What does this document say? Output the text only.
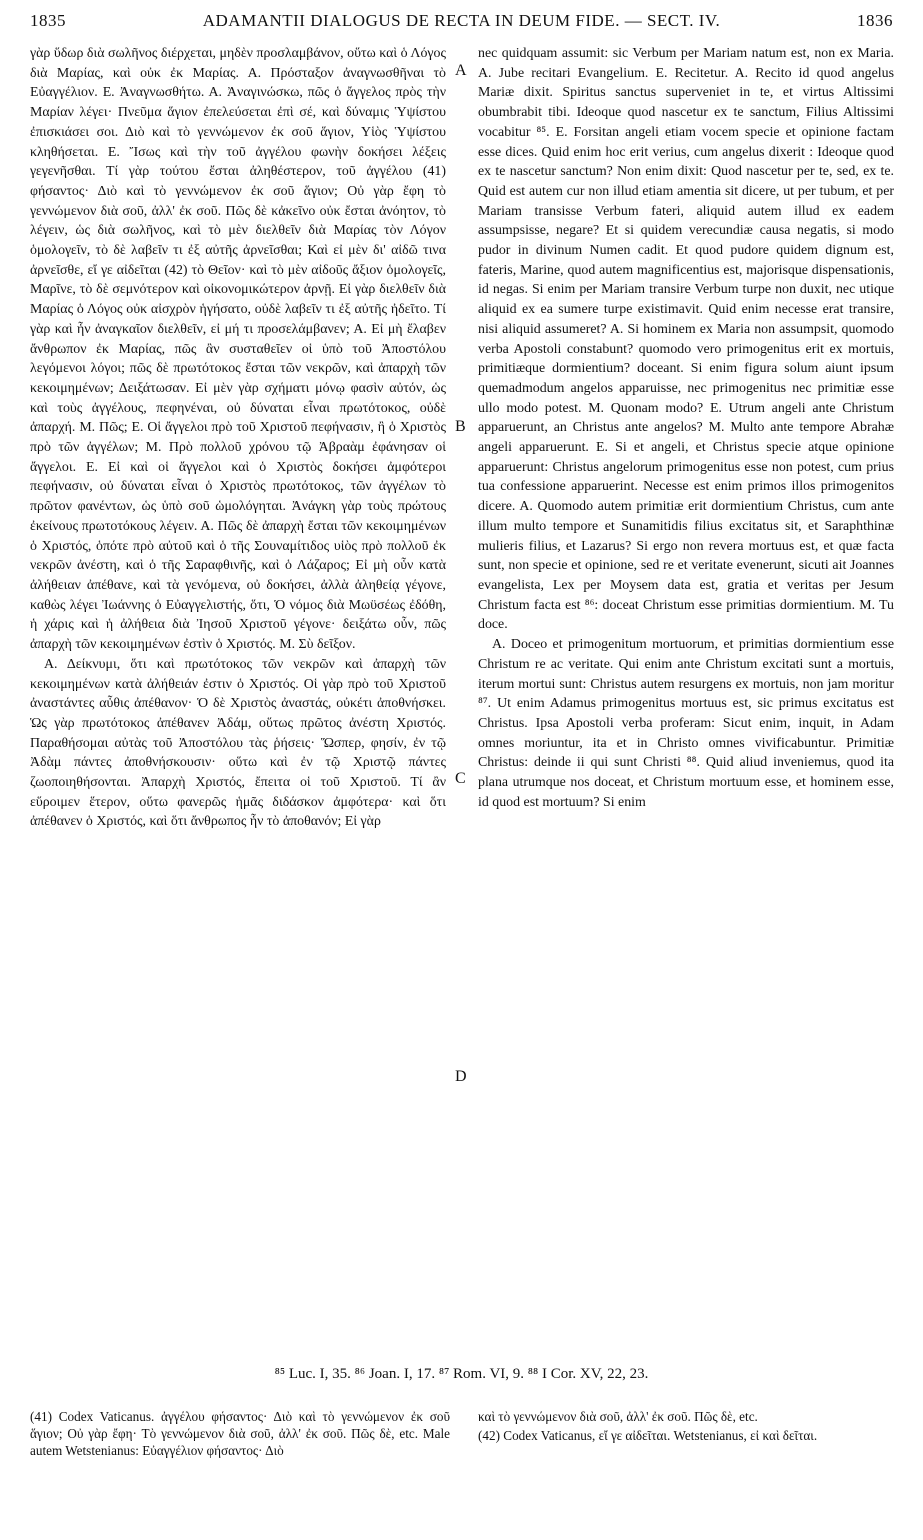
1835	ADAMANTII DIALOGUS DE RECTA IN DEUM FIDE. — SECT. IV.	1836

γὰρ ὕδωρ διὰ σωλῆνος διέρχεται, μηδὲν προσλαμβάνον, οὕτω καὶ ὁ Λόγος διὰ Μαρίας, καὶ οὐκ ἐκ Μαρίας. Α. Πρόσταξον ἀναγνωσθῆναι τὸ Εὐαγγέλιον. Ε. Ἀναγνωσθήτω. Α. Ἀναγινώσκω, πῶς ὁ ἄγγελος πρὸς τὴν Μαρίαν λέγει· Πνεῦμα ἅγιον ἐπελεύσεται ἐπὶ σέ, καὶ δύναμις Ὑψίστου ἐπισκιάσει σοι. Διὸ καὶ τὸ γεννώμενον ἐκ σοῦ ἅγιον, Υἱὸς Ὑψίστου κληθήσεται. Ε. Ἴσως καὶ τὴν τοῦ ἀγγέλου φωνὴν δοκήσει λέξεις γεγενῆσθαι. Τί γὰρ τούτου ἔσται ἀληθέστερον, τοῦ ἀγγέλου (41) φήσαντος· Διὸ καὶ τὸ γεννώμενον ἐκ σοῦ ἅγιον; Οὐ γὰρ ἔφη τὸ γεννώμενον διὰ σοῦ, ἀλλ' ἐκ σοῦ. Πῶς δὲ κἀκεῖνο οὐκ ἔσται ἀνόητον, τὸ λέγειν, ὡς διὰ σωλῆνος, καὶ τὸ μὲν διελθεῖν διὰ Μαρίας τὸν Λόγον ὁμολογεῖν, τὸ δὲ λαβεῖν τι ἐξ αὐτῆς ἀρνεῖσθαι; Καὶ εἰ μὲν δι' αἰδῶ τινα ἀρνεῖσθε, εἴ γε αἰδεῖται (42) τὸ Θεῖον· καὶ τὸ μὲν αἰδοῦς ἄξιον ὁμολογεῖς, Μαρῖνε, τὸ δὲ σεμνότερον καὶ οἰκονομικώτερον ἀρνῇ. Εἰ γὰρ διελθεῖν διὰ Μαρίας ὁ Λόγος οὐκ αἰσχρὸν ἡγήσατο, οὐδὲ λαβεῖν τι ἐξ αὐτῆς ἠδεῖτο. Τί γὰρ καὶ ἦν ἀναγκαῖον διελθεῖν, εἰ μή τι προσελάμβανεν; Α. Εἰ μὴ ἔλαβεν ἄνθρωπον ἐκ Μαρίας, πῶς ἂν συσταθεῖεν οἱ ὑπὸ τοῦ Ἀποστόλου λεγόμενοι λόγοι; πῶς δὲ πρωτότοκος ἔσται τῶν νεκρῶν, καὶ ἀπαρχὴ τῶν κεκοιμημένων; Δειξάτωσαν. Εἰ μὲν γὰρ σχήματι μόνῳ φασὶν αὐτόν, ὡς καὶ τοὺς ἀγγέλους, πεφηνέναι, οὐ δύναται εἶναι πρωτότοκος, οὐδὲ ἀπαρχή. Μ. Πῶς; Ε. Οἱ ἄγγελοι πρὸ τοῦ Χριστοῦ πεφήνασιν, ἢ ὁ Χριστὸς πρὸ τῶν ἀγγέλων; Μ. Πρὸ πολλοῦ χρόνου τῷ Ἀβραὰμ ἐφάνησαν οἱ ἄγγελοι. Ε. Εἰ καὶ οἱ ἄγγελοι καὶ ὁ Χριστὸς δοκήσει ἀμφότεροι πεφήνασιν, οὐ δύναται εἶναι ὁ Χριστὸς πρωτότοκος, τῶν ἀγγέλων τὸ πρῶτον φανέντων, ὡς ὑπὸ σοῦ ὡμολόγηται. Ἀνάγκη γὰρ τοὺς πρώτους ἐκείνους πρωτοτόκους λέγειν. Α. Πῶς δὲ ἀπαρχὴ ἔσται τῶν κεκοιμημένων ὁ Χριστός, ὁπότε πρὸ αὐτοῦ καὶ ὁ τῆς Σουναμίτιδος υἱὸς πρὸ πολλοῦ ἐκ νεκρῶν ἀνέστη, καὶ ὁ τῆς Σαραφθινῆς, καὶ ὁ Λάζαρος; Εἰ μὴ οὖν κατὰ ἀλήθειαν ἀπέθανε, καὶ τὰ γενόμενα, οὐ δοκήσει, ἀλλὰ ἀληθείᾳ γέγονε, καθὼς λέγει Ἰωάννης ὁ Εὐαγγελιστής, ὅτι, Ὁ νόμος διὰ Μωϋσέως ἐδόθη, ἡ χάρις καὶ ἡ ἀλήθεια διὰ Ἰησοῦ Χριστοῦ γέγονε· δειξάτω οὖν, πῶς ἀπαρχὴ τῶν κεκοιμημένων ἐστὶν ὁ Χριστός. Μ. Σὺ δεῖξον.

Α. Δείκνυμι, ὅτι καὶ πρωτότοκος τῶν νεκρῶν καὶ ἀπαρχὴ τῶν κεκοιμημένων κατὰ ἀλήθειάν ἐστιν ὁ Χριστός. Οἱ γὰρ πρὸ τοῦ Χριστοῦ ἀναστάντες αὖθις ἀπέθανον· Ὁ δὲ Χριστὸς ἀναστάς, οὐκέτι ἀποθνήσκει. Ὡς γὰρ πρωτότοκος ἀπέθανεν Ἀδάμ, οὕτως πρῶτος ἀνέστη Χριστός. Παραθήσομαι αὐτὰς τοῦ Ἀποστόλου τὰς ῥήσεις· Ὥσπερ, φησίν, ἐν τῷ Ἀδὰμ πάντες ἀποθνήσκουσιν· οὕτω καὶ ἐν τῷ Χριστῷ πάντες ζωοποιηθήσονται. Ἀπαρχὴ Χριστός, ἔπειτα οἱ τοῦ Χριστοῦ. Τί ἂν εὕροιμεν ἕτερον, οὕτω φανερῶς ἡμᾶς διδάσκον ἀμφότερα· καὶ ὅτι ἀπέθανεν ὁ Χριστός, καὶ ὅτι ἄνθρωπος ἦν τὸ ἀποθανόν; Εἰ γὰρ

A
B
C
D

nec quidquam assumit: sic Verbum per Mariam natum est, non ex Maria. A. Jube recitari Evangelium. E. Recitetur. A. Recito id quod angelus Mariæ dixit. Spiritus sanctus superveniet in te, et virtus Altissimi obumbrabit tibi. Ideoque quod nascetur ex te sanctum, Filius Altissimi vocabitur ⁸⁵. E. Forsitan angeli etiam vocem specie et opinione factam esse dices. Quid enim hoc erit verius, cum angelus dixerit : Ideoque quod ex te nascetur sanctum? Non enim dixit: Quod nascetur per te, sed, ex te. Quid est autem cur non illud etiam amentia sit dicere, ut per tubum, et per Mariam transisse Verbum fateri, aliquid autem illud ex eadem assumpsisse, negare? Et si quidem verecundiæ causa negatis, si modo pudor in divinum Numen cadit. Et quod pudore quidem dignum est, fateris, Marine, quod autem magnificentius est, majorisque dispensationis, id negas. Si enim per Mariam transire Verbum turpe non duxit, nec utique aliquid ex ea sumere turpe existimavit. Quid enim necesse erat transire, nisi aliquid assumeret? A. Si hominem ex Maria non assumpsit, quomodo verba Apostoli constabunt? quomodo vero primogenitus erit ex mortuis, primitiæque dormientium? doceant. Si enim figura solum aiunt ipsum quemadmodum angelos apparuisse, nec primogenitus nec primitiæ esse ullo modo potest. M. Quonam modo? E. Utrum angeli ante Christum apparuerunt, an Christus ante angelos? M. Multo ante tempore Abrahæ angeli apparuerunt. E. Si et angeli, et Christus specie atque opinione apparuerunt: Christus angelorum primogenitus esse non potest, cum prius tua confessione apparuerint. Necesse est enim primos illos primogenitos dicere. A. Quomodo autem primitiæ erit dormientium Christus, cum ante illum multo tempore et Sunamitidis filius excitatus sit, et Saraphthinæ mulieris filius, et Lazarus? Si ergo non revera mortuus est, et quæ facta sunt, non specie et opinione, sed re et veritate evenerunt, sicuti ait Joannes evangelista, Lex per Moysem data est, gratia et veritas per Jesum Christum facta est ⁸⁶: doceat Christum esse primitias dormientium. M. Tu doce.

A. Doceo et primogenitum mortuorum, et primitias dormientium esse Christum re ac veritate. Qui enim ante Christum excitati sunt a mortuis, iterum mortui sunt: Christus autem resurgens ex mortuis, non jam moritur ⁸⁷. Ut enim Adamus primogenitus mortuus est, sic primus excitatus est Christus. Ipsa Apostoli verba proferam: Sicut enim, inquit, in Adam omnes moriuntur, ita et in Christo omnes vivificabuntur. Primitiæ Christus: deinde ii qui sunt Christi ⁸⁸. Quid aliud inveniemus, quod ita plana utrumque nos doceat, et Christum mortuum esse, et hominem esse, id quod est mortuum? Si enim

⁸⁵ Luc. I, 35. ⁸⁶ Joan. I, 17. ⁸⁷ Rom. VI, 9. ⁸⁸ I Cor. XV, 22, 23.

(41) Codex Vaticanus. ἀγγέλου φήσαντος· Διὸ καὶ τὸ γεννώμενον ἐκ σοῦ ἅγιον; Οὐ γὰρ ἔφη· Τὸ γεννώμενον διὰ σοῦ, ἀλλ' ἐκ σοῦ. Πῶς δὲ, etc. Male autem Wetstenianus: Εὐαγγέλιον φήσαντος· Διὸ

καὶ τὸ γεννώμενον διὰ σοῦ, ἀλλ' ἐκ σοῦ. Πῶς δὲ, etc.

(42) Codex Vaticanus, εἴ γε αἰδεῖται. Wetstenianus, εἰ καὶ δεῖται.
